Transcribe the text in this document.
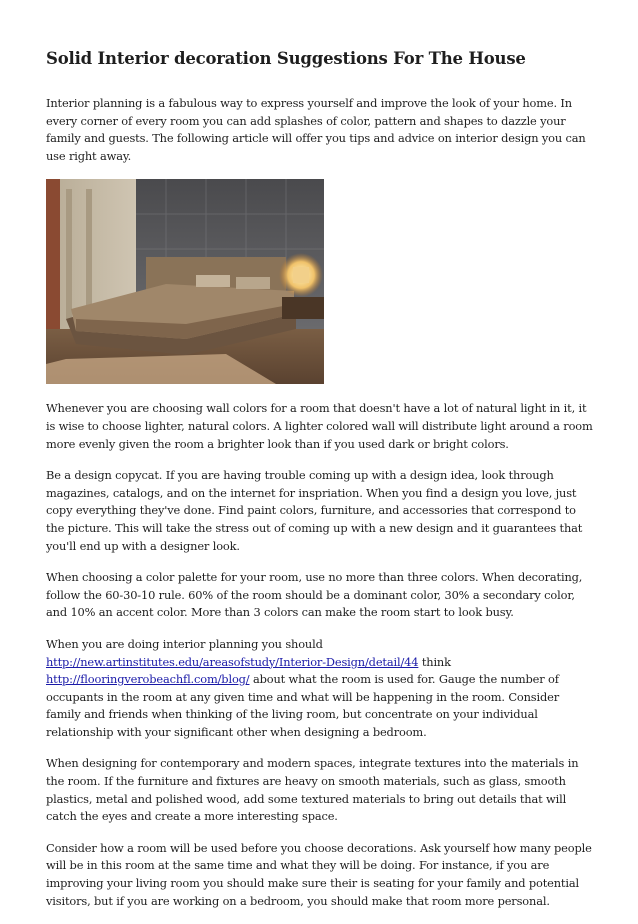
Solid Interior decoration Suggestions For The House

Interior planning is a fabulous way to express yourself and improve the look of your home. In every corner of every room you can add splashes of color, pattern and shapes to dazzle your family and guests. The following article will offer you tips and advice on interior design you can use right away.

Whenever you are choosing wall colors for a room that doesn't have a lot of natural light in it, it is wise to choose lighter, natural colors. A lighter colored wall will distribute light around a room more evenly given the room a brighter look than if you used dark or bright colors.

Be a design copycat. If you are having trouble coming up with a design idea, look through magazines, catalogs, and on the internet for inspriation. When you find a design you love, just copy everything they've done. Find paint colors, furniture, and accessories that correspond to the picture. This will take the stress out of coming up with a new design and it guarantees that you'll end up with a designer look.

When choosing a color palette for your room, use no more than three colors. When decorating, follow the 60-30-10 rule. 60% of the room should be a dominant color, 30% a secondary color, and 10% an accent color. More than 3 colors can make the room start to look busy.

When you are doing interior planning you should http://new.artinstitutes.edu/areasofstudy/Interior-Design/detail/44 think http://flooringverobeachfl.com/blog/ about what the room is used for. Gauge the number of occupants in the room at any given time and what will be happening in the room. Consider family and friends when thinking of the living room, but concentrate on your individual relationship with your significant other when designing a bedroom.

When designing for contemporary and modern spaces, integrate textures into the materials in the room. If the furniture and fixtures are heavy on smooth materials, such as glass, smooth plastics, metal and polished wood, add some textured materials to bring out details that will catch the eyes and create a more interesting space.

Consider how a room will be used before you choose decorations. Ask yourself how many people will be in this room at the same time and what they will be doing. For instance, if you are improving your living room you should make sure their is seating for your family and potential visitors, but if you are working on a bedroom, you should make that room more personal.
